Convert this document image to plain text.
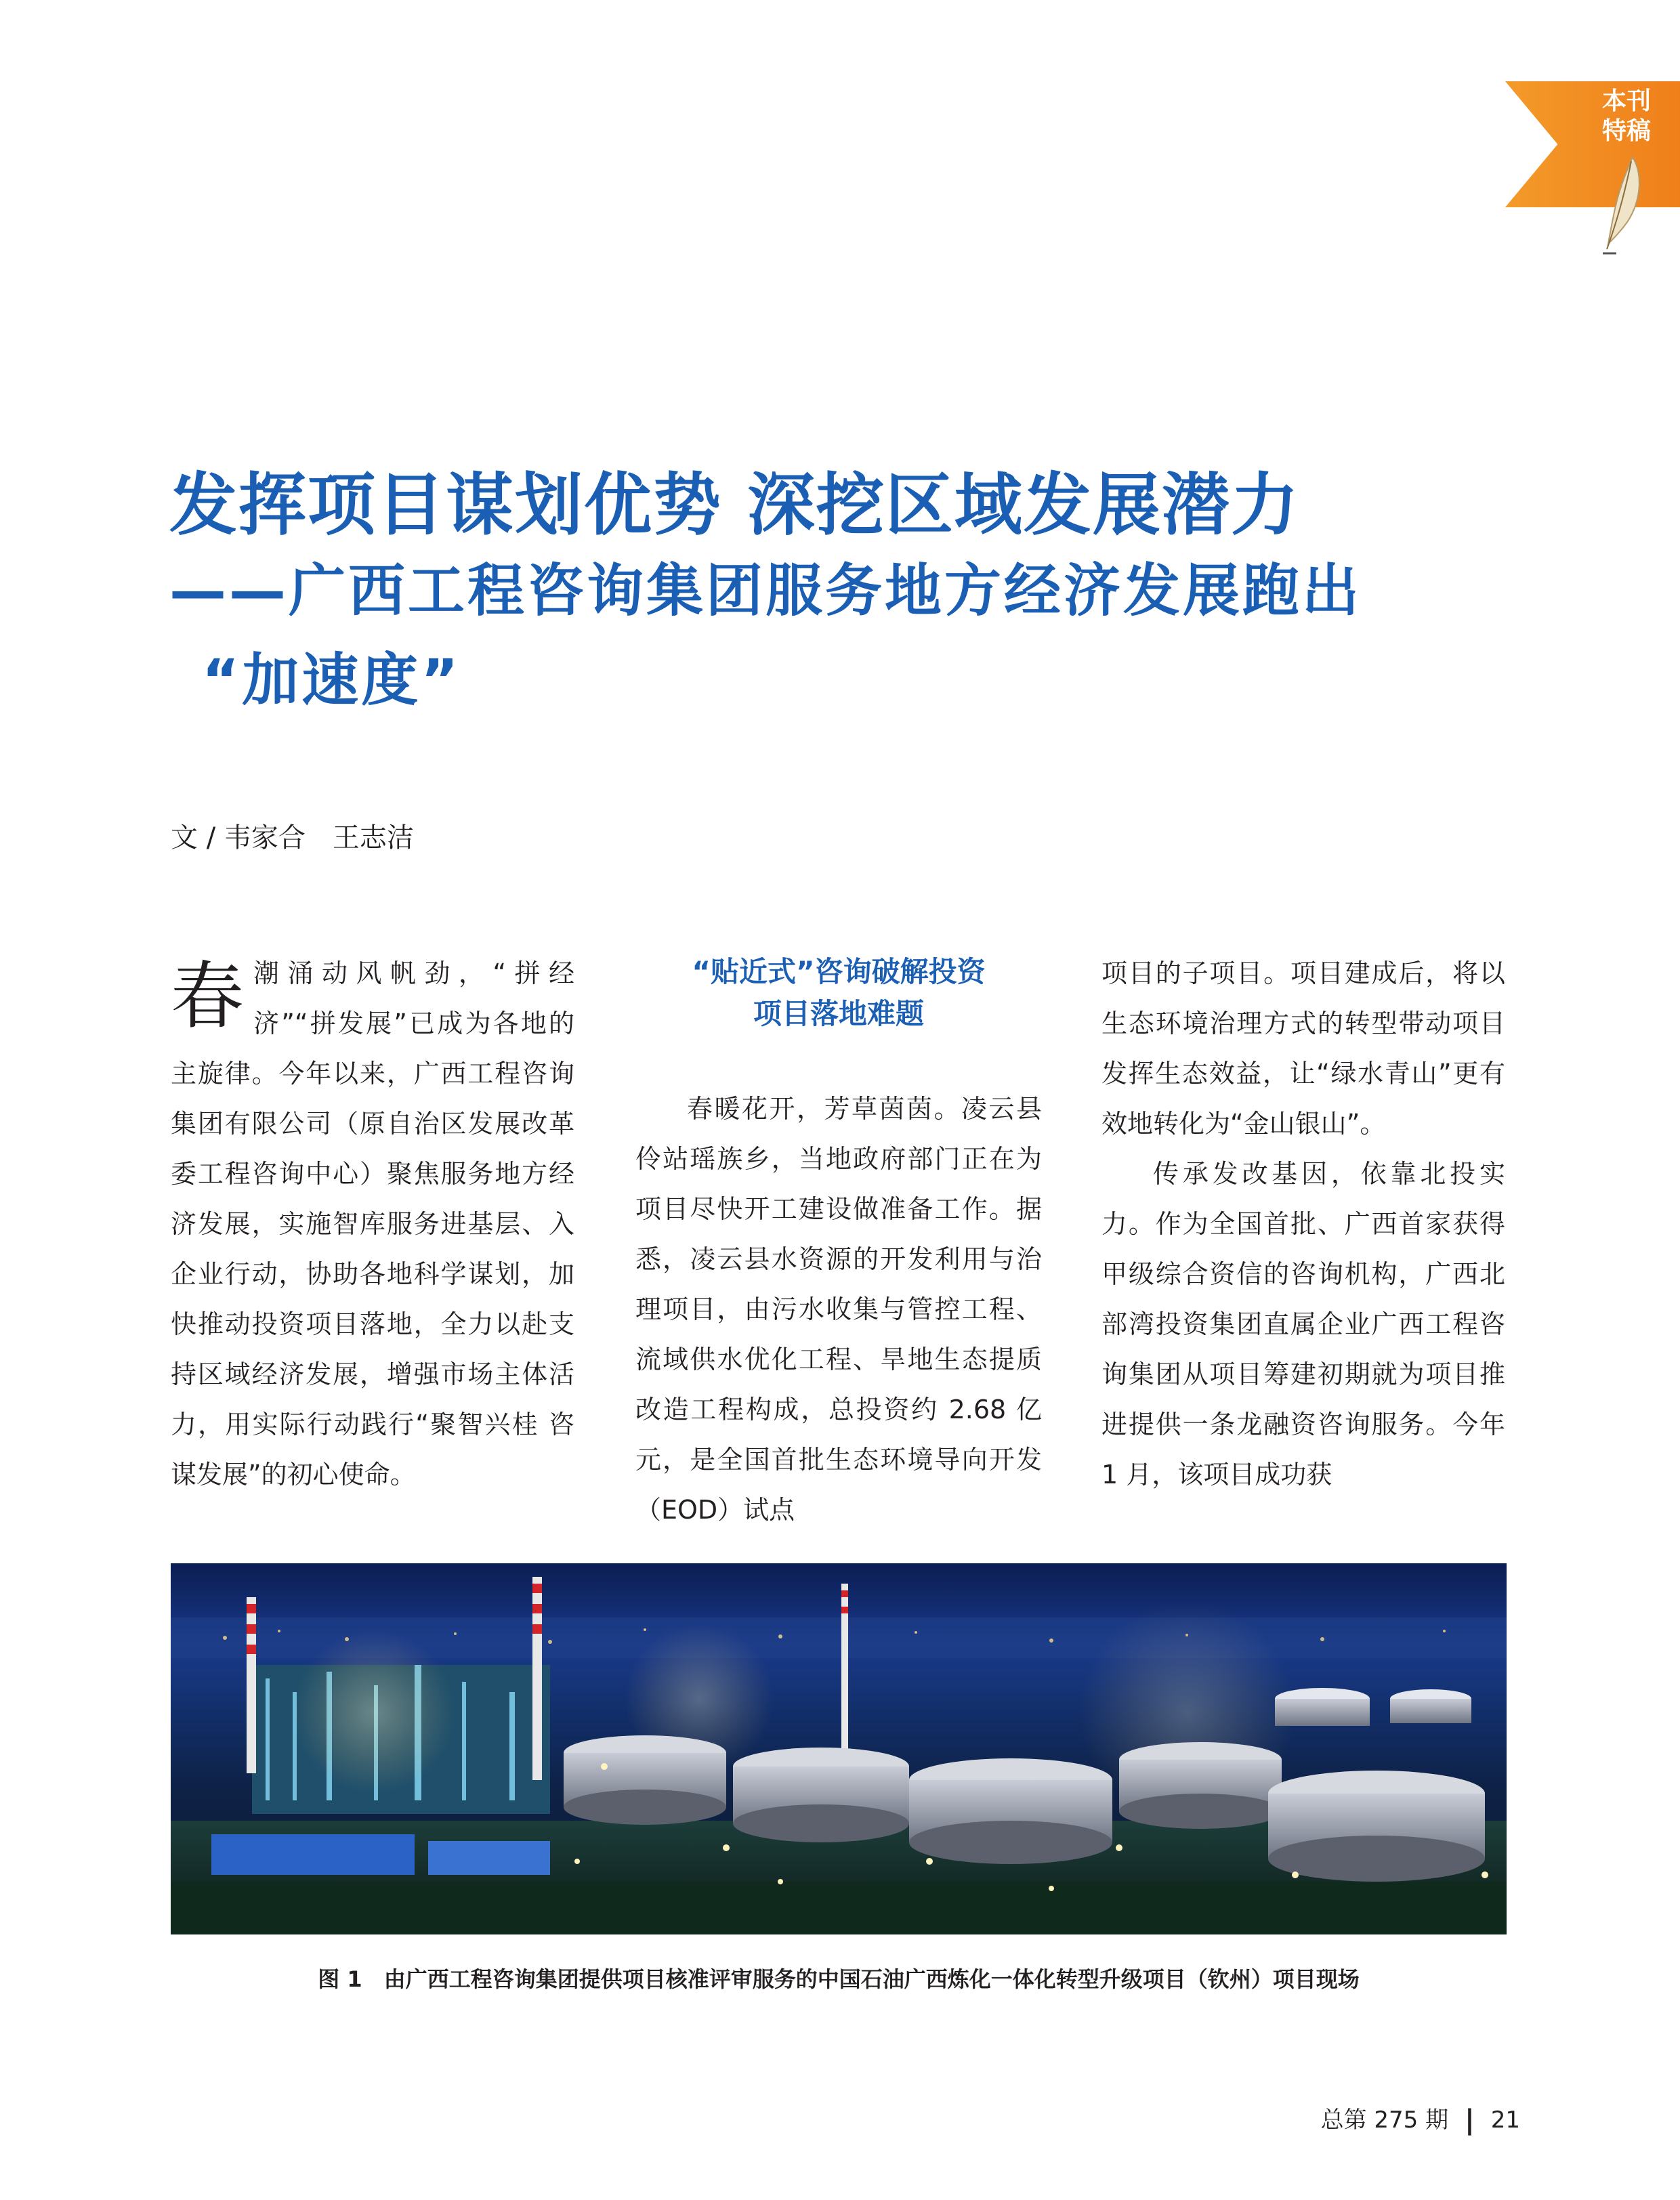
本刊
特稿
发挥项目谋划优势 深挖区域发展潜力
——广西工程咨询集团服务地方经济发展跑出
“加速度”
文 / 韦家合　王志洁

春潮涌动风帆劲，“拼经济”“拼发展”已成为各地的主旋律。今年以来，广西工程咨询集团有限公司（原自治区发展改革委工程咨询中心）聚焦服务地方经济发展，实施智库服务进基层、入企业行动，协助各地科学谋划，加快推动投资项目落地，全力以赴支持区域经济发展，增强市场主体活力，用实际行动践行“聚智兴桂 咨谋发展”的初心使命。

“贴近式”咨询破解投资
项目落地难题

春暖花开，芳草茵茵。凌云县伶站瑶族乡，当地政府部门正在为项目尽快开工建设做准备工作。据悉，凌云县水资源的开发利用与治理项目，由污水收集与管控工程、流域供水优化工程、旱地生态提质改造工程构成，总投资约 2.68 亿元，是全国首批生态环境导向开发（EOD）试点

项目的子项目。项目建成后，将以生态环境治理方式的转型带动项目发挥生态效益，让“绿水青山”更有效地转化为“金山银山”。

传承发改基因，依靠北投实力。作为全国首批、广西首家获得甲级综合资信的咨询机构，广西北部湾投资集团直属企业广西工程咨询集团从项目筹建初期就为项目推进提供一条龙融资咨询服务。今年 1 月，该项目成功获

图 1　由广西工程咨询集团提供项目核准评审服务的中国石油广西炼化一体化转型升级项目（钦州）项目现场
总第 275 期 | 21
